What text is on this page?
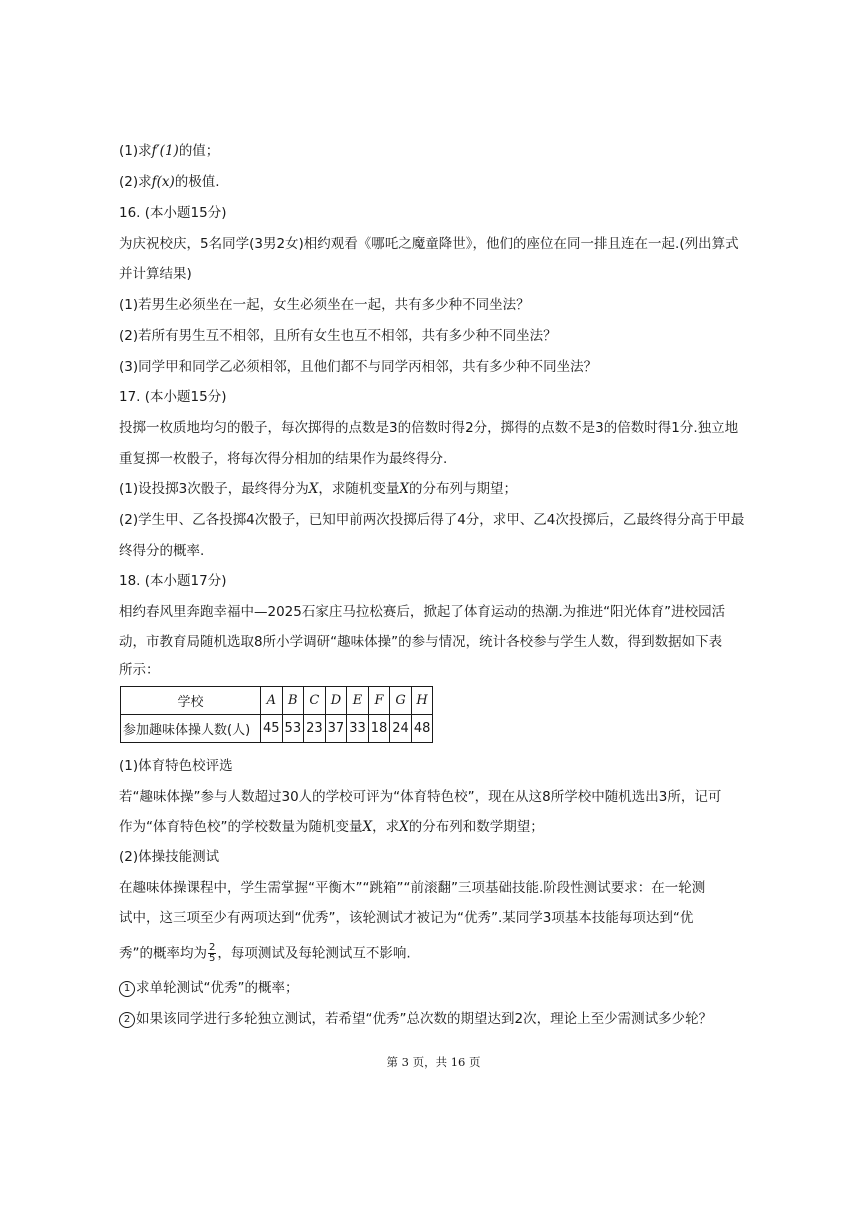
(1)求f′(1)的值；
(2)求f(x)的极值.
16. (本小题15分)
为庆祝校庆，5名同学(3男2女)相约观看《哪吒之魔童降世》，他们的座位在同一排且连在一起.(列出算式
并计算结果)
(1)若男生必须坐在一起，女生必须坐在一起，共有多少种不同坐法？
(2)若所有男生互不相邻，且所有女生也互不相邻，共有多少种不同坐法？
(3)同学甲和同学乙必须相邻，且他们都不与同学丙相邻，共有多少种不同坐法？
17. (本小题15分)
投掷一枚质地均匀的骰子，每次掷得的点数是3的倍数时得2分，掷得的点数不是3的倍数时得1分.独立地
重复掷一枚骰子，将每次得分相加的结果作为最终得分.
(1)设投掷3次骰子，最终得分为X，求随机变量X的分布列与期望；
(2)学生甲、乙各投掷4次骰子，已知甲前两次投掷后得了4分，求甲、乙4次投掷后，乙最终得分高于甲最
终得分的概率.
18. (本小题17分)
相约春风里奔跑幸福中—2025石家庄马拉松赛后，掀起了体育运动的热潮.为推进“阳光体育”进校园活
动，市教育局随机选取8所小学调研“趣味体操”的参与情况，统计各校参与学生人数，得到数据如下表
所示：
学校	A	B	C	D	E	F	G	H
参加趣味体操人数(人)	45	53	23	37	33	18	24	48
(1)体育特色校评选
若“趣味体操”参与人数超过30人的学校可评为“体育特色校”，现在从这8所学校中随机选出3所，记可
作为“体育特色校”的学校数量为随机变量X，求X的分布列和数学期望；
(2)体操技能测试
在趣味体操课程中，学生需掌握“平衡木”“跳箱”“前滚翻”三项基础技能.阶段性测试要求：在一轮测
试中，这三项至少有两项达到“优秀”，该轮测试才被记为“优秀”.某同学3项基本技能每项达到“优
秀”的概率均为 $\frac{2}{5}$ ，每项测试及每轮测试互不影响.
1 求单轮测试“优秀”的概率；
2 如果该同学进行多轮独立测试，若希望“优秀”总次数的期望达到2次，理论上至少需测试多少轮？
第 3 页，共 16 页
